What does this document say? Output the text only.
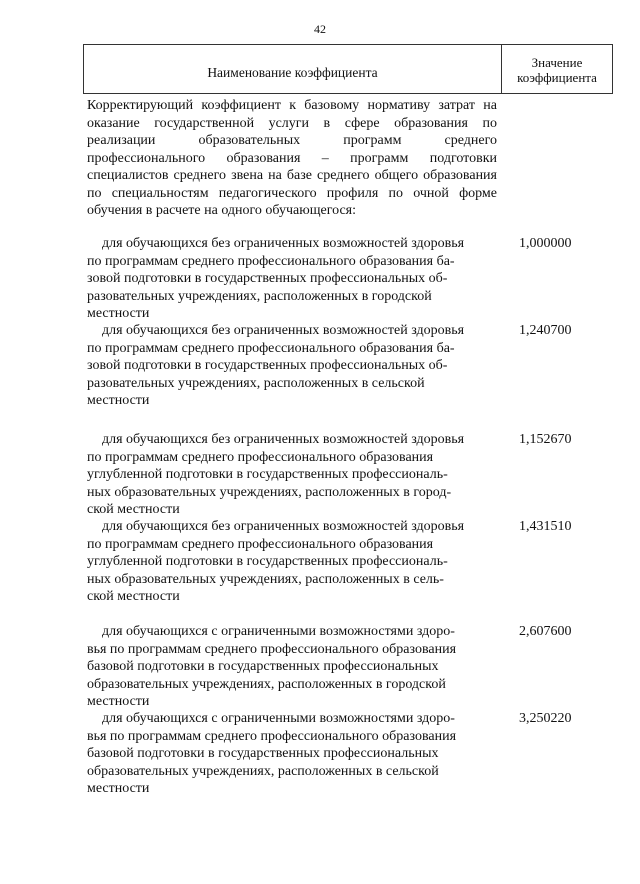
42
Наименование коэффициента
Значение коэффициента
Корректирующий коэффициент к базовому нормативу затрат на оказание государственной услуги в сфере образования по реализации образовательных программ среднего профессионального образования – программ подготовки специалистов среднего звена на базе среднего общего образования по специальностям педагогического профиля по очной форме обучения в расчете на одного обучающегося:
для обучающихся без ограниченных возможностей здоровья
по программам среднего профессионального образования ба-
зовой подготовки в государственных профессиональных об-
разовательных учреждениях, расположенных в городской
местности
1,000000
для обучающихся без ограниченных возможностей здоровья
по программам среднего профессионального образования ба-
зовой подготовки в государственных профессиональных об-
разовательных учреждениях, расположенных в сельской
местности
1,240700
для обучающихся без ограниченных возможностей здоровья
по программам среднего профессионального образования
углубленной подготовки в государственных профессиональ-
ных образовательных учреждениях, расположенных в город-
ской местности
1,152670
для обучающихся без ограниченных возможностей здоровья
по программам среднего профессионального образования
углубленной подготовки в государственных профессиональ-
ных образовательных учреждениях, расположенных в сель-
ской местности
1,431510
для обучающихся с ограниченными возможностями здоро-
вья по программам среднего профессионального образования
базовой подготовки в государственных профессиональных
образовательных учреждениях, расположенных в городской
местности
2,607600
для обучающихся с ограниченными возможностями здоро-
вья по программам среднего профессионального образования
базовой подготовки в государственных профессиональных
образовательных учреждениях, расположенных в сельской
местности
3,250220
